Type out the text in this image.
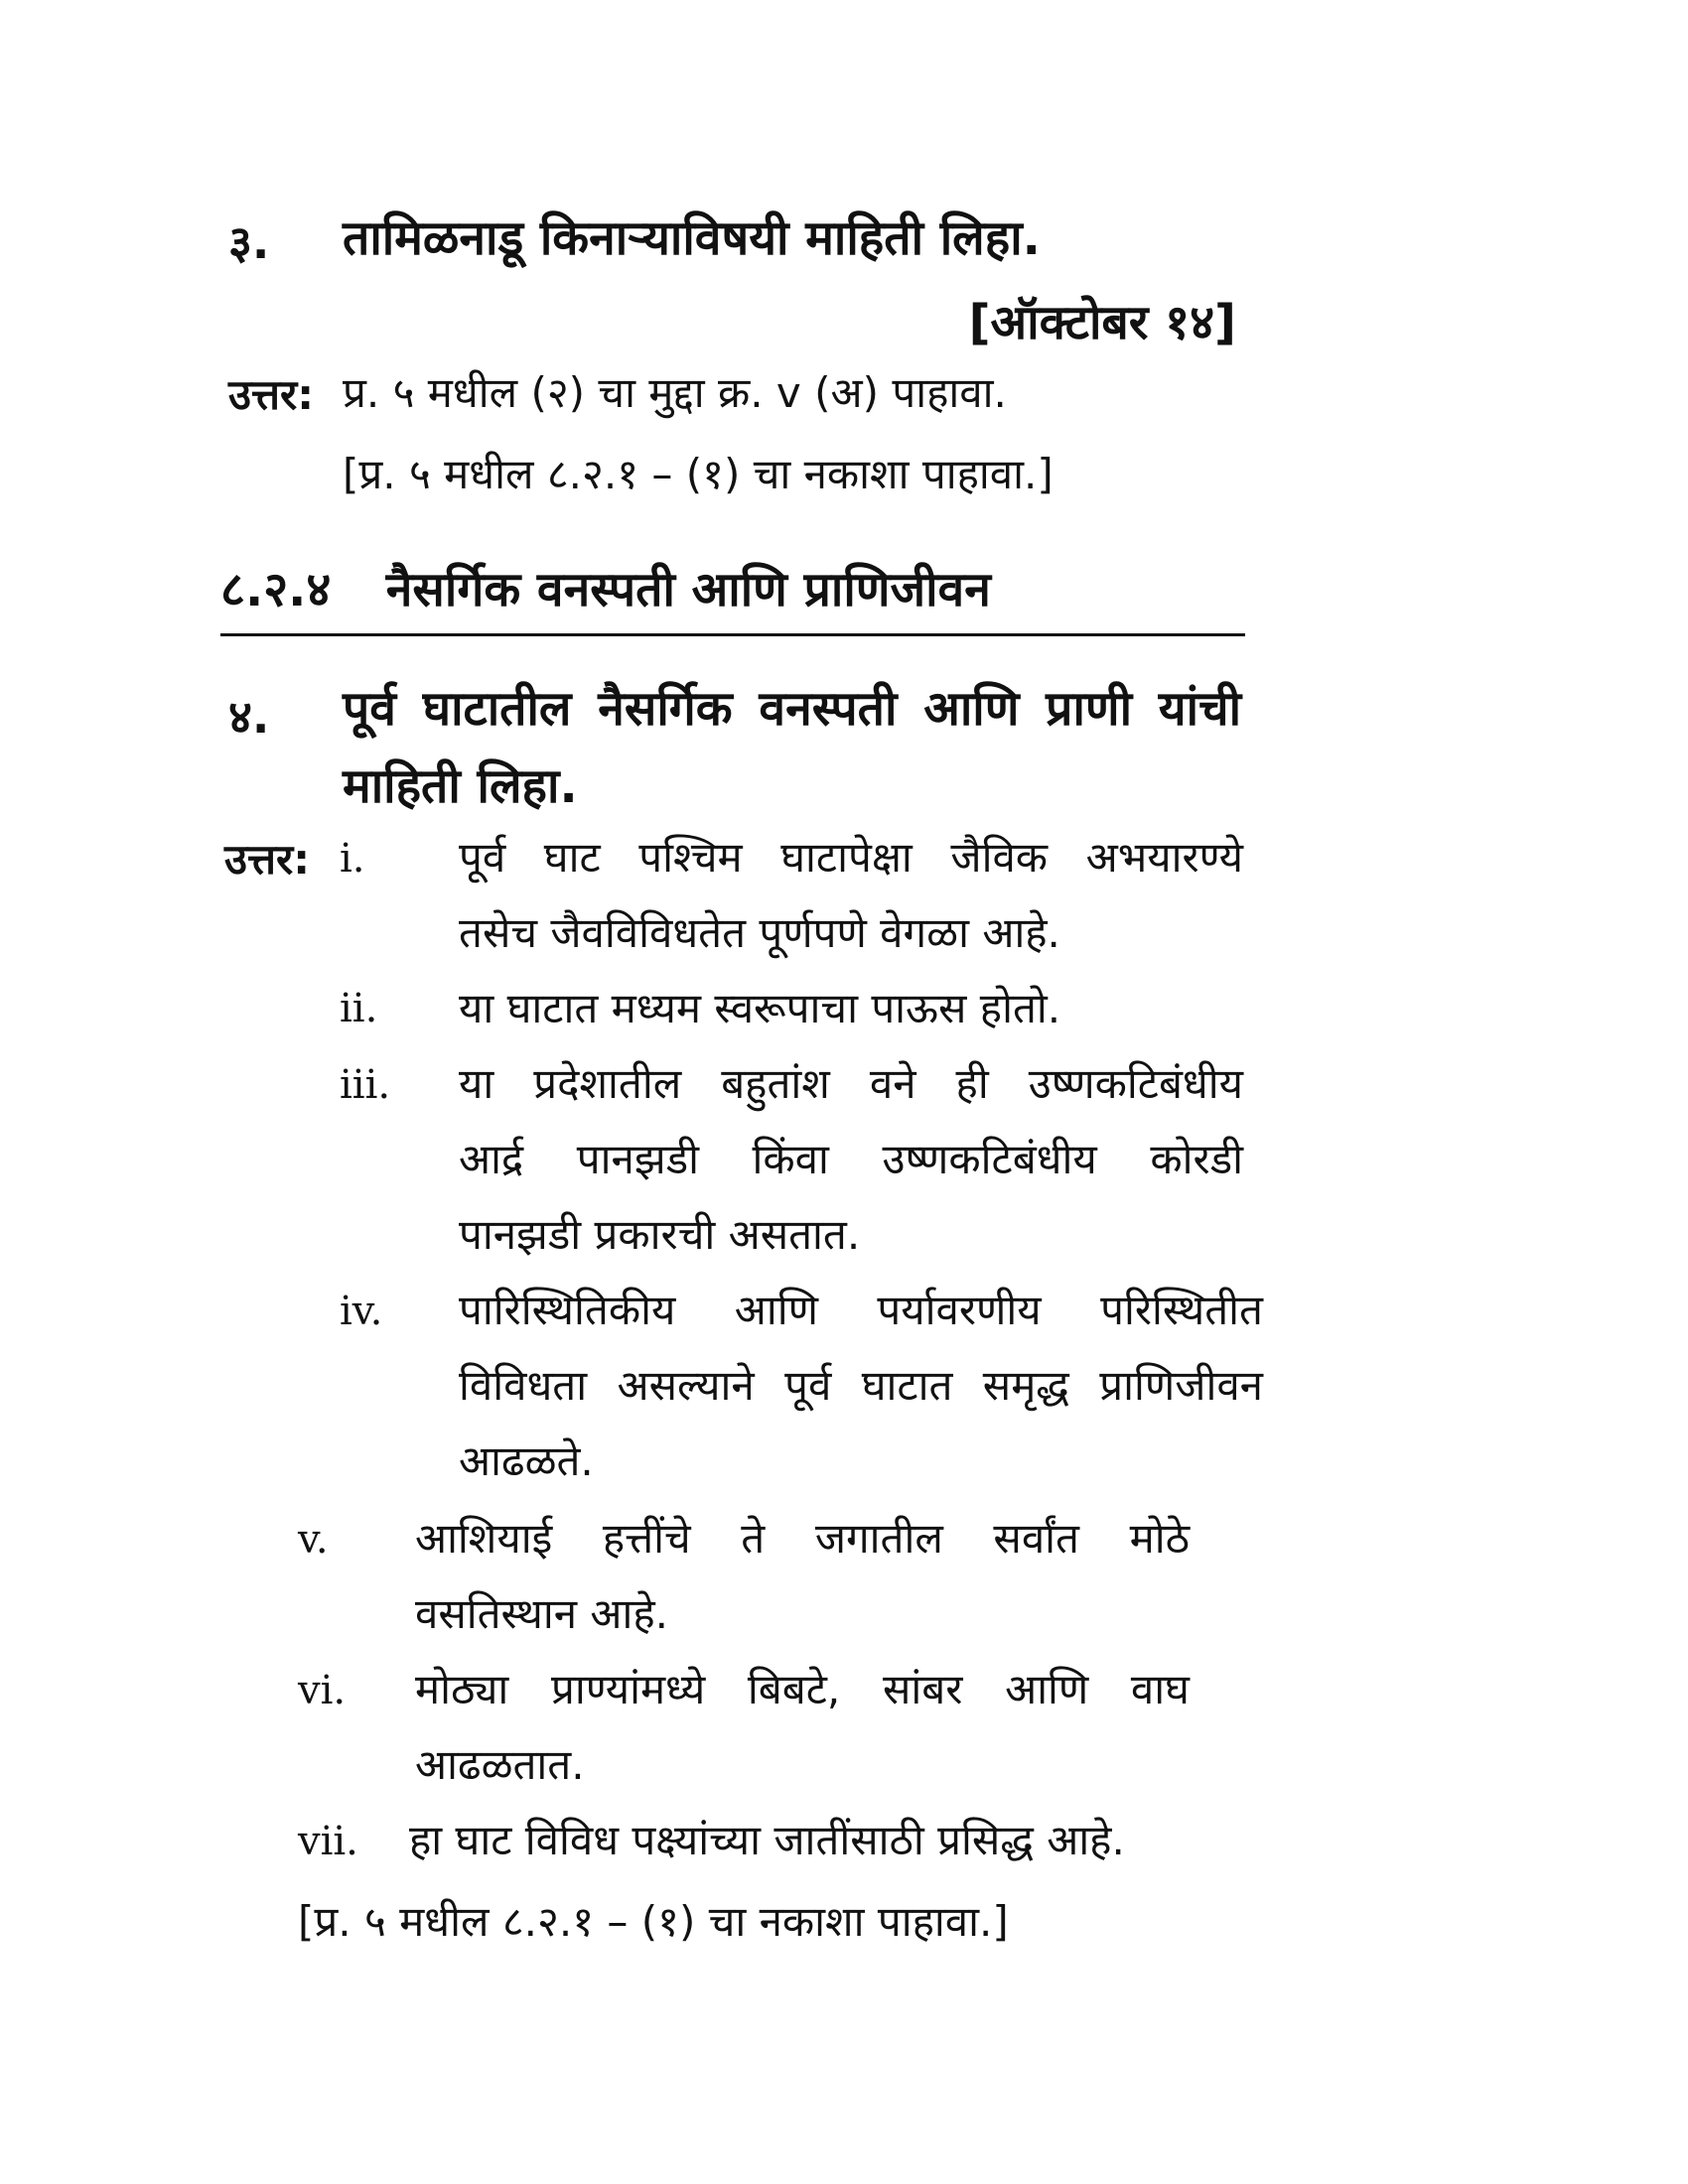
३. तामिळनाडू किनाऱ्याविषयी माहिती लिहा.
[ऑक्टोबर १४]
उत्तर: प्र. ५ मधील (२) चा मुद्दा क्र. v (अ) पाहावा.
[प्र. ५ मधील ८.२.१ – (१) चा नकाशा पाहावा.]
८.२.४ नैसर्गिक वनस्पती आणि प्राणिजीवन
४. पूर्व घाटातील नैसर्गिक वनस्पती आणि प्राणी यांची
माहिती लिहा.
उत्तर: i. पूर्व घाट पश्चिम घाटापेक्षा जैविक अभयारण्ये
तसेच जैवविविधतेत पूर्णपणे वेगळा आहे.
ii. या घाटात मध्यम स्वरूपाचा पाऊस होतो.
iii. या प्रदेशातील बहुतांश वने ही उष्णकटिबंधीय
आर्द्र पानझडी किंवा उष्णकटिबंधीय कोरडी
पानझडी प्रकारची असतात.
iv. पारिस्थितिकीय आणि पर्यावरणीय परिस्थितीत
विविधता असल्याने पूर्व घाटात समृद्ध प्राणिजीवन
आढळते.
v. आशियाई हत्तींचे ते जगातील सर्वांत मोठे
वसतिस्थान आहे.
vi. मोठ्या प्राण्यांमध्ये बिबटे, सांबर आणि वाघ
आढळतात.
vii. हा घाट विविध पक्ष्यांच्या जातींसाठी प्रसिद्ध आहे.
[प्र. ५ मधील ८.२.१ – (१) चा नकाशा पाहावा.]
